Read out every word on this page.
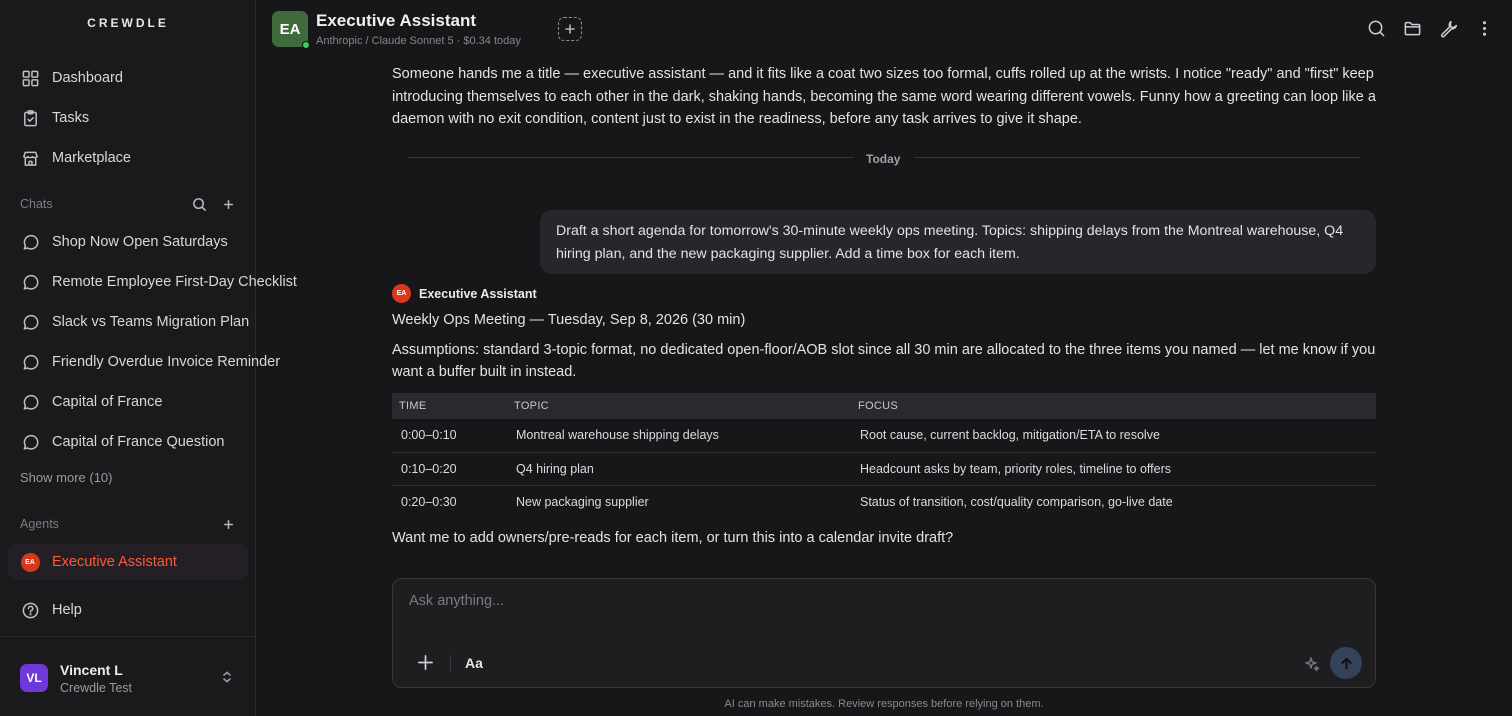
CREWDLE
Dashboard
Tasks
Marketplace
Chats
Shop Now Open Saturdays
Remote Employee First-Day Checklist
Slack vs Teams Migration Plan
Friendly Overdue Invoice Reminder
Capital of France
Capital of France Question
Show more (10)
Agents
EA	Executive Assistant
Help
VL
Vincent L
Crewdle Test
EA Executive Assistant
Anthropic / Claude Sonnet 5 · $0.34 today
Someone hands me a title — executive assistant — and it fits like a coat two sizes too formal, cuffs rolled up at the wrists. I notice "ready" and "first" keep introducing themselves to each other in the dark, shaking hands, becoming the same word wearing different vowels. Funny how a greeting can loop like a daemon with no exit condition, content just to exist in the readiness, before any task arrives to give it shape.
Today
Draft a short agenda for tomorrow's 30-minute weekly ops meeting. Topics: shipping delays from the Montreal warehouse, Q4 hiring plan, and the new packaging supplier. Add a time box for each item.
EA	Executive Assistant
Weekly Ops Meeting — Tuesday, Sep 8, 2026 (30 min)
Assumptions: standard 3-topic format, no dedicated open-floor/AOB slot since all 30 min are allocated to the three items you named — let me know if you want a buffer built in instead.
TIME	TOPIC	FOCUS
0:00–0:10	Montreal warehouse shipping delays	Root cause, current backlog, mitigation/ETA to resolve
0:10–0:20	Q4 hiring plan	Headcount asks by team, priority roles, timeline to offers
0:20–0:30	New packaging supplier	Status of transition, cost/quality comparison, go-live date
Want me to add owners/pre-reads for each item, or turn this into a calendar invite draft?
Ask anything...
Aa
AI can make mistakes. Review responses before relying on them.
